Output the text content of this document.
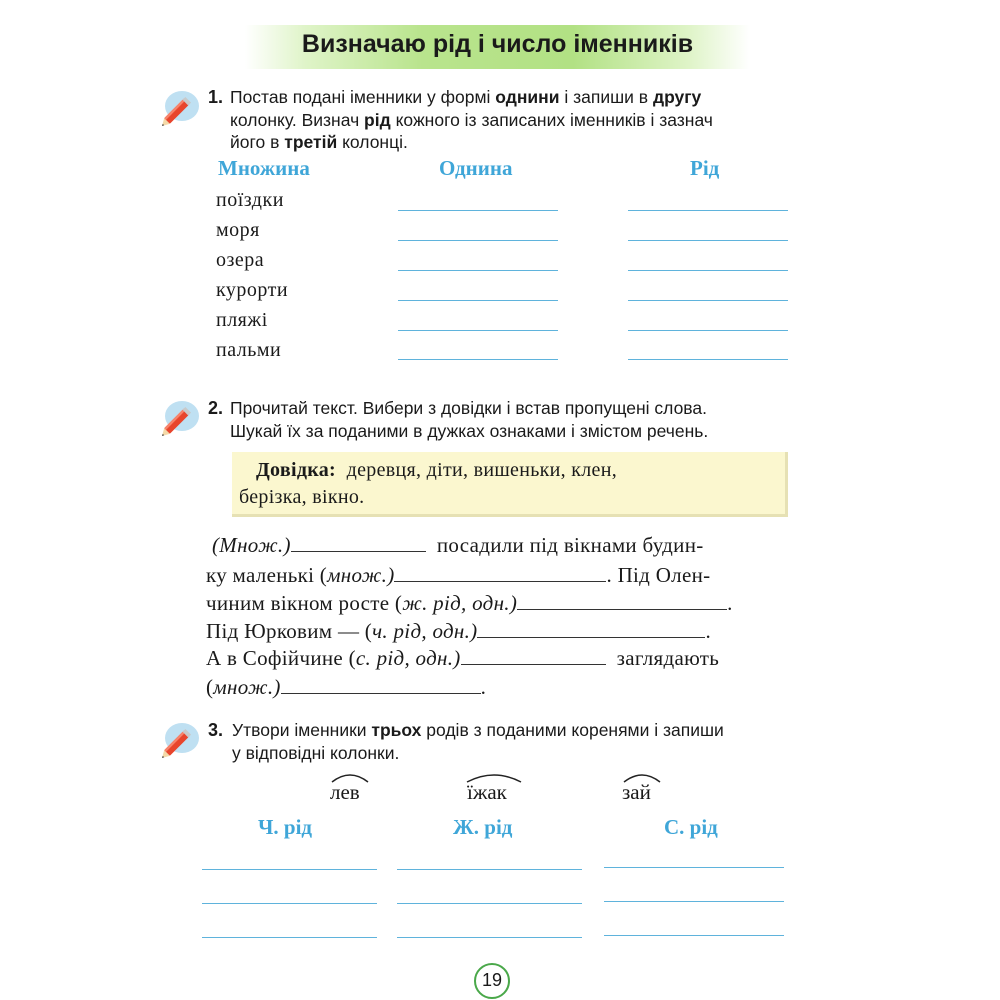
Визначаю рід і число іменників
1. Постав подані іменники у формі однини і запиши в другу
колонку. Визнач рід кожного із записаних іменників і зазнач
його в третій колонці.
Множина	Однина	Рід
поїздки
моря
озера
курорти
пляжі
пальми
2. Прочитай текст. Вибери з довідки і встав пропущені слова.
Шукай їх за поданими в дужках ознаками і змістом речень.
Довідка: деревця, діти, вишеньки, клен,
берізка, вікно.
(Множ.)	посадили під вікнами будин-
ку маленькі (множ.)	. Під Олен-
чиним вікном росте (ж. рід, одн.)	.
Під Юрковим — (ч. рід, одн.)	.
А в Софійчине (с. рід, одн.)	заглядають
(множ.)	.
3. Утвори іменники трьох родів з поданими коренями і запиши
у відповідні колонки.
лев	їжак	зай
Ч. рід	Ж. рід	С. рід
19
